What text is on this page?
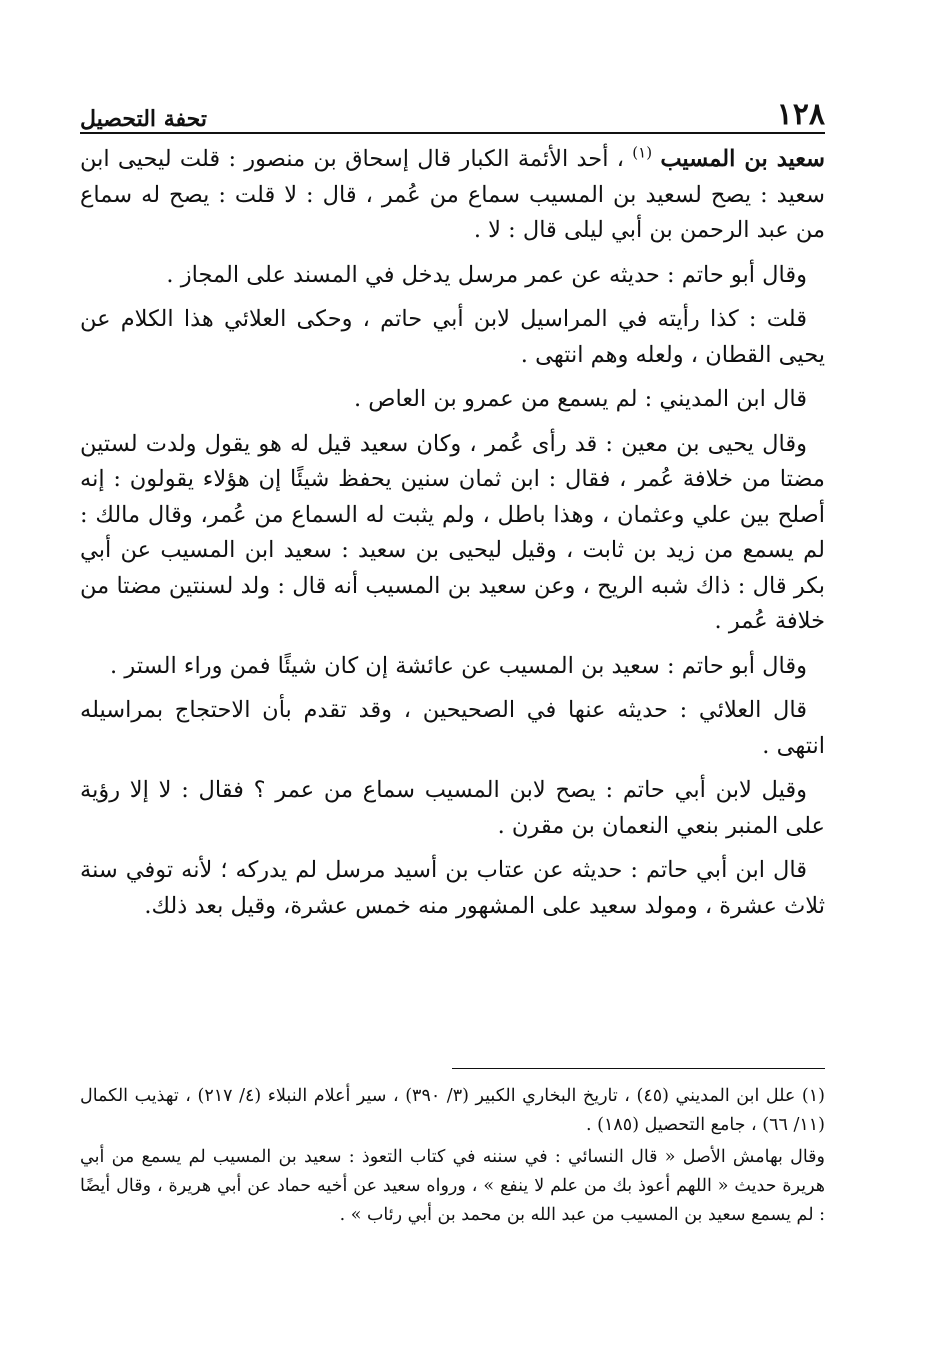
١٢٨
تحفة التحصيل

سعيد بن المسيب $^{(١)}$ ، أحد الأئمة الكبار قال إسحاق بن منصور : قلت ليحيى ابن سعيد : يصح لسعيد بن المسيب سماع من عُمر ، قال : لا قلت : يصح له سماع من عبد الرحمن بن أبي ليلى قال : لا .

وقال أبو حاتم : حديثه عن عمر مرسل يدخل في المسند على المجاز .

قلت : كذا رأيته في المراسيل لابن أبي حاتم ، وحكى العلائي هذا الكلام عن يحيى القطان ، ولعله وهم انتهى .

قال ابن المديني : لم يسمع من عمرو بن العاص .

وقال يحيى بن معين : قد رأى عُمر ، وكان سعيد قيل له هو يقول ولدت لستين مضتا من خلافة عُمر ، فقال : ابن ثمان سنين يحفظ شيئًا إن هؤلاء يقولون : إنه أصلح بين علي وعثمان ، وهذا باطل ، ولم يثبت له السماع من عُمر، وقال مالك : لم يسمع من زيد بن ثابت ، وقيل ليحيى بن سعيد : سعيد ابن المسيب عن أبي بكر قال : ذاك شبه الريح ، وعن سعيد بن المسيب أنه قال : ولد لسنتين مضتا من خلافة عُمر .

وقال أبو حاتم : سعيد بن المسيب عن عائشة إن كان شيئًا فمن وراء الستر .

قال العلائي : حديثه عنها في الصحيحين ، وقد تقدم بأن الاحتجاج بمراسيله انتهى .

وقيل لابن أبي حاتم : يصح لابن المسيب سماع من عمر ؟ فقال : لا إلا رؤية على المنبر بنعي النعمان بن مقرن .

قال ابن أبي حاتم : حديثه عن عتاب بن أسيد مرسل لم يدركه ؛ لأنه توفي سنة ثلاث عشرة ، ومولد سعيد على المشهور منه خمس عشرة، وقيل بعد ذلك.

(١) علل ابن المديني (٤٥) ، تاريخ البخاري الكبير (٣/ ٣٩٠) ، سير أعلام النبلاء (٤/ ٢١٧) ، تهذيب الكمال (١١/ ٦٦) ، جامع التحصيل (١٨٥) .

وقال بهامش الأصل « قال النسائي : في سننه في كتاب التعوذ : سعيد بن المسيب لم يسمع من أبي هريرة حديث « اللهم أعوذ بك من علم لا ينفع » ، ورواه سعيد عن أخيه حماد عن أبي هريرة ، وقال أيضًا : لم يسمع سعيد بن المسيب من عبد الله بن محمد بن أبي رئاب » .
